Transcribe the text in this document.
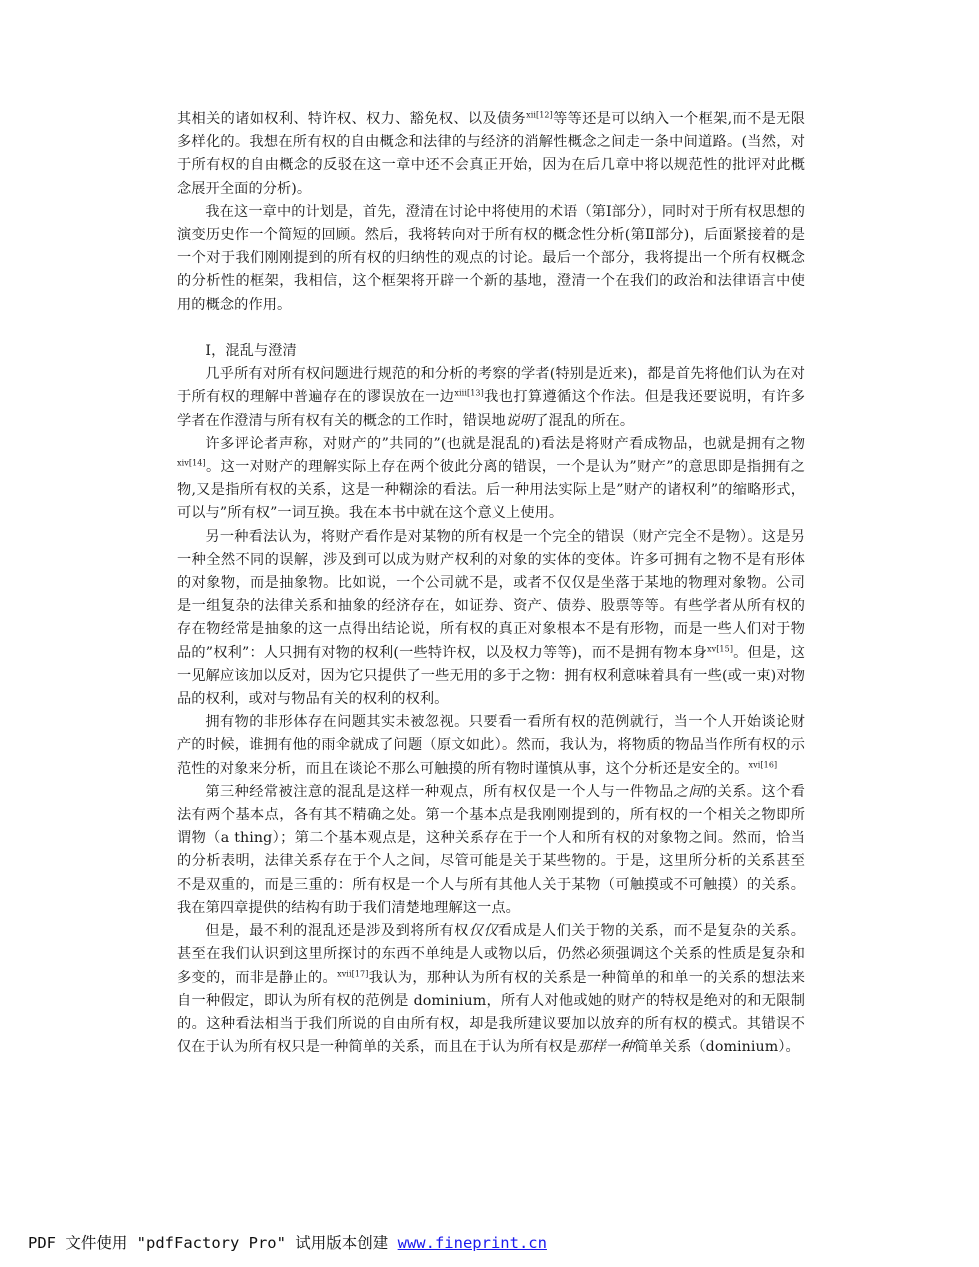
其相关的诸如权利、特许权、权力、豁免权、以及债务$^{xii[12]}$等等还是可以纳入一个框架,而不是无限多样化的。我想在所有权的自由概念和法律的与经济的消解性概念之间走一条中间道路。(当然，对于所有权的自由概念的反驳在这一章中还不会真正开始，因为在后几章中将以规范性的批评对此概念展开全面的分析)。

我在这一章中的计划是，首先，澄清在讨论中将使用的术语（第Ⅰ部分），同时对于所有权思想的演变历史作一个简短的回顾。然后，我将转向对于所有权的概念性分析(第Ⅱ部分)，后面紧接着的是一个对于我们刚刚提到的所有权的归纳性的观点的讨论。最后一个部分，我将提出一个所有权概念的分析性的框架，我相信，这个框架将开辟一个新的基地，澄清一个在我们的政治和法律语言中使用的概念的作用。

Ⅰ，混乱与澄清

几乎所有对所有权问题进行规范的和分析的考察的学者(特别是近来)，都是首先将他们认为在对于所有权的理解中普遍存在的谬误放在一边$^{xiii[13]}$我也打算遵循这个作法。但是我还要说明，有许多学者在作澄清与所有权有关的概念的工作时，错误地说明了混乱的所在。

许多评论者声称，对财产的”共同的”(也就是混乱的)看法是将财产看成物品，也就是拥有之物$^{xiv[14]}$。这一对财产的理解实际上存在两个彼此分离的错误，一个是认为”财产”的意思即是指拥有之物,又是指所有权的关系，这是一种糊涂的看法。后一种用法实际上是”财产的诸权利”的缩略形式，可以与”所有权”一词互换。我在本书中就在这个意义上使用。

另一种看法认为，将财产看作是对某物的所有权是一个完全的错误（财产完全不是物）。这是另一种全然不同的误解，涉及到可以成为财产权利的对象的实体的变体。许多可拥有之物不是有形体的对象物，而是抽象物。比如说，一个公司就不是，或者不仅仅是坐落于某地的物理对象物。公司是一组复杂的法律关系和抽象的经济存在，如证券、资产、债券、股票等等。有些学者从所有权的存在物经常是抽象的这一点得出结论说，所有权的真正对象根本不是有形物，而是一些人们对于物品的”权利”：人只拥有对物的权利(一些特许权，以及权力等等)，而不是拥有物本身$^{xv[15]}$。但是，这一见解应该加以反对，因为它只提供了一些无用的多于之物：拥有权利意味着具有一些(或一束)对物品的权利，或对与物品有关的权利的权利。

拥有物的非形体存在问题其实未被忽视。只要看一看所有权的范例就行，当一个人开始谈论财产的时候，谁拥有他的雨伞就成了问题（原文如此）。然而，我认为，将物质的物品当作所有权的示范性的对象来分析，而且在谈论不那么可触摸的所有物时谨慎从事，这个分析还是安全的。$^{xvi[16]}$

第三种经常被注意的混乱是这样一种观点，所有权仅是一个人与一件物品之间的关系。这个看法有两个基本点，各有其不精确之处。第一个基本点是我刚刚提到的，所有权的一个相关之物即所谓物（a thing）；第二个基本观点是，这种关系存在于一个人和所有权的对象物之间。然而，恰当的分析表明，法律关系存在于个人之间，尽管可能是关于某些物的。于是，这里所分析的关系甚至不是双重的，而是三重的：所有权是一个人与所有其他人关于某物（可触摸或不可触摸）的关系。我在第四章提供的结构有助于我们清楚地理解这一点。

但是，最不利的混乱还是涉及到将所有权仅仅看成是人们关于物的关系，而不是复杂的关系。甚至在我们认识到这里所探讨的东西不单纯是人或物以后，仍然必须强调这个关系的性质是复杂和多变的，而非是静止的。$^{xvii[17]}$我认为，那种认为所有权的关系是一种简单的和单一的关系的想法来自一种假定，即认为所有权的范例是 dominium，所有人对他或她的财产的特权是绝对的和无限制的。这种看法相当于我们所说的自由所有权，却是我所建议要加以放弃的所有权的模式。其错误不仅在于认为所有权只是一种简单的关系，而且在于认为所有权是那样一种简单关系（dominium）。

PDF 文件使用 "pdfFactory Pro" 试用版本创建 www.fineprint.cn
